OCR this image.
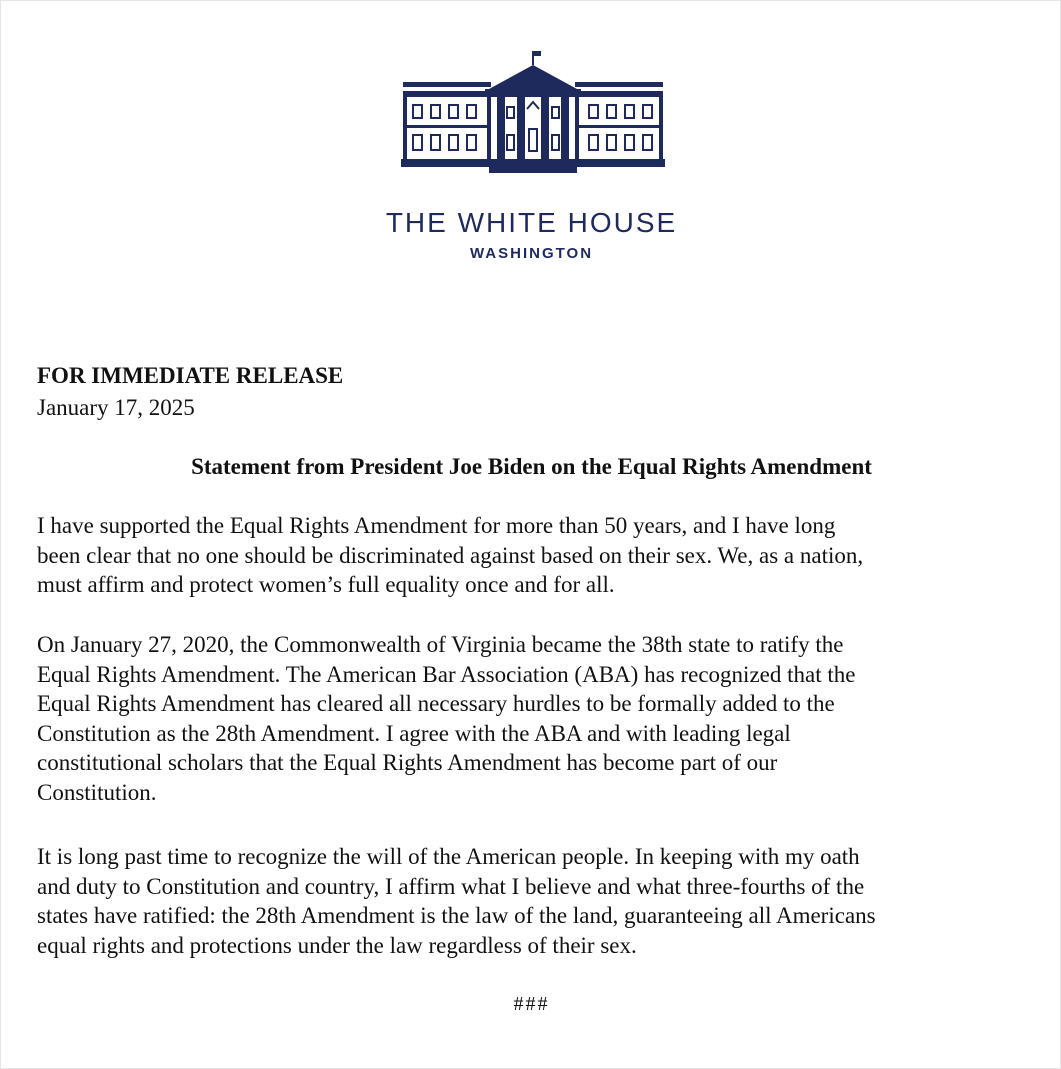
THE WHITE HOUSE
WASHINGTON
FOR IMMEDIATE RELEASE
January 17, 2025
Statement from President Joe Biden on the Equal Rights Amendment

I have supported the Equal Rights Amendment for more than 50 years, and I have long
been clear that no one should be discriminated against based on their sex. We, as a nation,
must affirm and protect women’s full equality once and for all.

On January 27, 2020, the Commonwealth of Virginia became the 38th state to ratify the
Equal Rights Amendment. The American Bar Association (ABA) has recognized that the
Equal Rights Amendment has cleared all necessary hurdles to be formally added to the
Constitution as the 28th Amendment. I agree with the ABA and with leading legal
constitutional scholars that the Equal Rights Amendment has become part of our
Constitution.

It is long past time to recognize the will of the American people. In keeping with my oath
and duty to Constitution and country, I affirm what I believe and what three-fourths of the
states have ratified: the 28th Amendment is the law of the land, guaranteeing all Americans
equal rights and protections under the law regardless of their sex.

###
